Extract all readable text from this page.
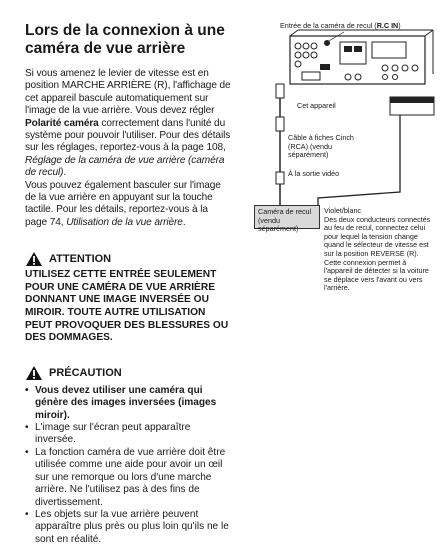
Lors de la connexion à une caméra de vue arrière

Si vous amenez le levier de vitesse est en position MARCHE ARRIÈRE (R), l'affichage de cet appareil bascule automatiquement sur l'image de la vue arrière. Vous devez régler Polarité caméra correctement dans l'unité du système pour pouvoir l'utiliser. Pour des détails sur les réglages, reportez-vous à la page 108, Réglage de la caméra de vue arrière (caméra de recul).

Vous pouvez également basculer sur l'image de la vue arrière en appuyant sur la touche tactile. Pour les détails, reportez-vous à la page 74, Utilisation de la vue arrière.

ATTENTION

UTILISEZ CETTE ENTRÉE SEULEMENT POUR UNE CAMÉRA DE VUE ARRIÈRE DONNANT UNE IMAGE INVERSÉE OU MIROIR. TOUTE AUTRE UTILISATION PEUT PROVOQUER DES BLESSURES OU DES DOMMAGES.

PRÉCAUTION
• Vous devez utiliser une caméra qui génère des images inversées (images miroir).
• L'image sur l'écran peut apparaître inversée.
• La fonction caméra de vue arrière doit être utilisée comme une aide pour avoir un œil sur une remorque ou lors d'une marche arrière. Ne l'utilisez pas à des fins de divertissement.
• Les objets sur la vue arrière peuvent apparaître plus près ou plus loin qu'ils ne le sont en réalité.
Entrée de la caméra de recul (R.C IN)
Cet appareil
Câble à fiches Cinch (RCA) (vendu séparément)
À la sortie vidéo
Caméra de recul (vendu séparément)
Violet/blanc
Des deux conducteurs connectés au feu de recul, connectez celui pour lequel la tension change quand le sélecteur de vitesse est sur la position REVERSE (R). Cette connexion permet à l'appareil de détecter si la voiture se déplace vers l'avant ou vers l'arrière.
